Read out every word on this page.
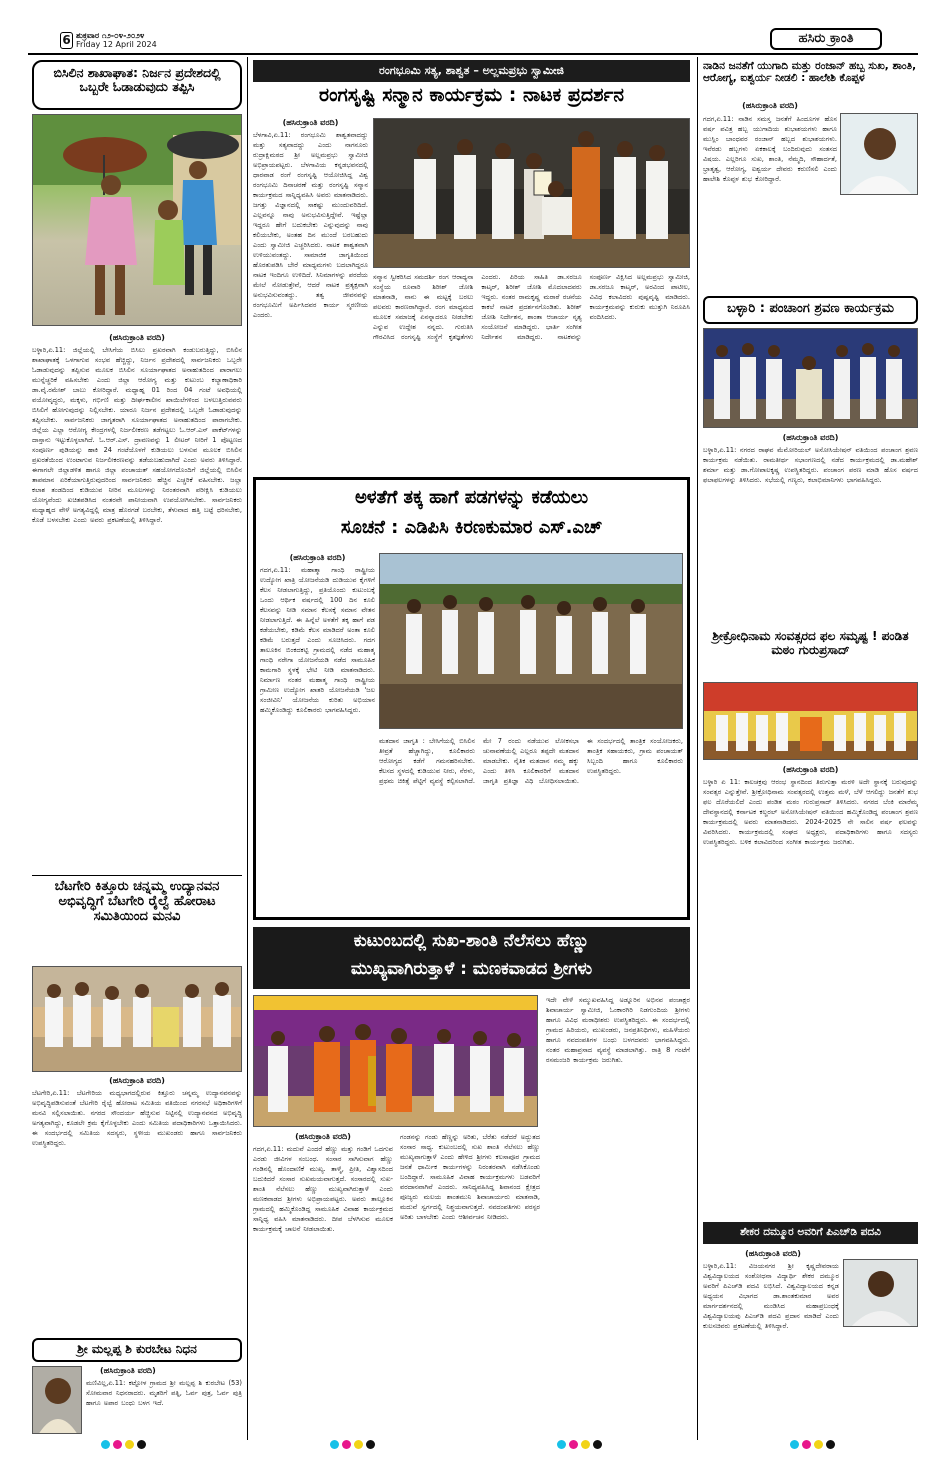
6 ಶುಕ್ರವಾರ ೧೨-೦೪-೨೦೨೪
Friday 12 April 2024	ಹಸಿರು ಕ್ರಾಂತಿ
ಬಿಸಿಲಿನ ಶಾಖಾಘಾತ: ನಿರ್ಜನ ಪ್ರದೇಶದಲ್ಲಿ ಒಬ್ಬರೇ ಓಡಾಡುವುದು ತಪ್ಪಿಸಿ
(ಹಸಿರುಕ್ರಾಂತಿ ವರದಿ)
ಬಳ್ಳಾರಿ,ಏ.11: ಜಿಲ್ಲೆಯಲ್ಲಿ ಬೇಸಿಗೆಯ ಬಿಸಿಲು ಪ್ರಖರವಾಗಿ ಕಂಡುಬರುತ್ತಿದ್ದು, ಬಿಸಿಲಿನ ಶಾಖಾಘಾತಕ್ಕೆ ಒಳಗಾಗುವ ಸಂಭವ ಹೆಚ್ಚಿದ್ದು, ನಿರ್ಜನ ಪ್ರದೇಶದಲ್ಲಿ ಸಾರ್ವಜನಿಕರು ಒಬ್ಬರೇ ಓಡಾಡುವುದನ್ನು ತಪ್ಪಿಸುವ ಮೂಲಕ ಬಿಸಿಲಿನ ಸೂರ್ಯಾಘಾತದ ಅನಾಹುತದಿಂದ ಪಾರಾಗಲು ಮುನ್ನೆಚ್ಚರಿಕೆ ವಹಿಸಬೇಕು ಎಂದು ಜಿಲ್ಲಾ ಆರೋಗ್ಯ ಮತ್ತು ಕುಟುಂಬ ಕಲ್ಯಾಣಾಧಿಕಾರಿ ಡಾ.ವೈ.ರಮೇಶ್ ಬಾಬು ಕೋರಿದ್ದಾರೆ. ಮಧ್ಯಾಹ್ನ 01 ರಿಂದ 04 ಗಂಟೆ ಅವಧಿಯಲ್ಲಿ ವಯೋವೃದ್ಧರು, ಮಕ್ಕಳು, ಗರ್ಭಿಣಿ ಮತ್ತು ದೀರ್ಘಕಾಲೀನ ಖಾಯಿಲೆಗಳಿಂದ ಬಳಲುತ್ತಿರುವವರು ಬಿಸಿಲಿಗೆ ಹೋಗುವುದನ್ನು ನಿಲ್ಲಿಸಬೇಕು. ಯಾರೂ ನಿರ್ಜನ ಪ್ರದೇಶದಲ್ಲಿ ಒಬ್ಬರೇ ಓಡಾಡುವುದನ್ನು ತಪ್ಪಿಸಬೇಕು. ಸಾರ್ವಜನಿಕರು ಜಾಗೃತರಾಗಿ ಸೂರ್ಯಾಘಾತದ ಅನಾಹುತದಿಂದ ಪಾರಾಗಬೇಕು. ಜಿಲ್ಲೆಯ ಎಲ್ಲಾ ಆರೋಗ್ಯ ಕೇಂದ್ರಗಳಲ್ಲಿ ನಿರ್ಜಲೀಕರಣ ತಡೆಗಟ್ಟಲು ಓ.ಆರ್.ಎಸ್ ಪಾಕೆಟ್‌ಗಳನ್ನು ದಾಸ್ತಾನು ಇಟ್ಟುಕೊಳ್ಳಲಾಗಿದೆ. ಓ.ಆರ್.ಎಸ್. ದ್ರಾವಣವನ್ನು 1 ಲೀಟರ್ ನೀರಿಗೆ 1 ಪೊಟ್ಟಣದ ಸಂಪೂರ್ಣ ಪುಡಿಯನ್ನು ಹಾಕಿ 24 ಗಂಟೆಯೊಳಗೆ ಕುಡಿಯಲು ಬಳಸುವ ಮೂಲಕ ಬಿಸಿಲಿನ ಪ್ರಖರತೆಯಿಂದ ಉಂಟಾಗುವ ನಿರ್ಜಲೀಕರಣವನ್ನು ತಡೆಯಬಹುದಾಗಿದೆ ಎಂದು ಅವರು ತಿಳಿಸಿದ್ದಾರೆ. ಈಗಾಗಲೇ ಜಿಲ್ಲಾಡಳಿತ ಹಾಗೂ ಜಿಲ್ಲಾ ಪಂಚಾಯತ್ ಸಹಯೋಗದೊಂದಿಗೆ ಜಿಲ್ಲೆಯಲ್ಲಿ ಬಿಸಿಲಿನ ತಾಪಮಾನ ಏರಿಕೆಯಾಗುತ್ತಿರುವುದರಿಂದ ಸಾರ್ವಜನಿಕರು ಹೆಚ್ಚಿನ ಎಚ್ಚರಿಕೆ ವಹಿಸಬೇಕು. ಜಲ್ಲಾ ಕಲಾಶ ತಂಡದಿಂದ ಕುಡಿಯುವ ನೀರಿನ ಮೂಲಗಳನ್ನು ನಿರಂತರವಾಗಿ ಪರೀಕ್ಷಿಸಿ ಕುಡಿಯಲು ಯೋಗ್ಯವೆಂದು ಖಚಿತಪಡಿಸಿದ ನಂತರವೇ ಪಾನೀಯವಾಗಿ ಉಪಯೋಗಿಸಬೇಕು. ಸಾರ್ವಜನಿಕರು ಮಧ್ಯಾಹ್ನದ ವೇಳೆ ಅಗತ್ಯವಿದ್ದಲ್ಲಿ ಮಾತ್ರ ಹೊರಗಡೆ ಬರಬೇಕು, ತೆಳುವಾದ ಹತ್ತಿ ಬಟ್ಟೆ ಧರಿಸಬೇಕು, ಕೊಡೆ ಬಳಸಬೇಕು ಎಂದು ಅವರು ಪ್ರಕಟಣೆಯಲ್ಲಿ ತಿಳಿಸಿದ್ದಾರೆ.
ಬೆಟಗೇರಿ ಕಿತ್ತೂರು ಚನ್ನಮ್ಮ ಉದ್ಯಾನವನ ಅಭಿವೃದ್ಧಿಗೆ ಬೆಟಗೇರಿ ರೈಲ್ವೆ ಹೋರಾಟ ಸಮಿತಿಯಿಂದ ಮನವಿ
(ಹಸಿರುಕ್ರಾಂತಿ ವರದಿ)
ಬೆಟಗೇರಿ,ಏ.11: ಬೆಟಗೇರಿಯ ಮಧ್ಯಭಾಗದಲ್ಲಿರುವ ಕಿತ್ತೂರು ಚನ್ನಮ್ಮ ಉದ್ಯಾನವನವನ್ನು ಅಭಿವೃದ್ಧಿಪಡಿಸುವಂತೆ ಬೆಟಗೇರಿ ರೈಲ್ವೆ ಹೋರಾಟ ಸಮಿತಿಯ ವತಿಯಿಂದ ನಗರಸಭೆ ಅಧಿಕಾರಿಗಳಿಗೆ ಮನವಿ ಸಲ್ಲಿಸಲಾಯಿತು. ನಗರದ ಸೌಂದರ್ಯ ಹೆಚ್ಚಿಸುವ ನಿಟ್ಟಿನಲ್ಲಿ ಉದ್ಯಾನವನದ ಅಭಿವೃದ್ಧಿ ಅಗತ್ಯವಾಗಿದ್ದು, ಕೂಡಲೇ ಕ್ರಮ ಕೈಗೊಳ್ಳಬೇಕು ಎಂದು ಸಮಿತಿಯ ಪದಾಧಿಕಾರಿಗಳು ಒತ್ತಾಯಿಸಿದರು. ಈ ಸಂದರ್ಭದಲ್ಲಿ ಸಮಿತಿಯ ಸದಸ್ಯರು, ಸ್ಥಳೀಯ ಮುಖಂಡರು ಹಾಗೂ ಸಾರ್ವಜನಿಕರು ಉಪಸ್ಥಿತರಿದ್ದರು.
ಶ್ರೀ ಮಲ್ಲಪ್ಪ ಶಿ ಕುರಬೇಟ ನಿಧನ
(ಹಸಿರುಕ್ರಾಂತಿ ವರದಿ)
ಮಣಿವಿಲ್ಲ,ಏ.11: ಕಟ್ಟೋಳ ಗ್ರಾಮದ ಶ್ರೀ ಮಲ್ಲಪ್ಪ ಶಿ ಕುರಬೇಟ (53) ಸೋಮವಾರ ನಿಧನರಾದರು. ಮೃತರಿಗೆ ಪತ್ನಿ, ಓರ್ವ ಪುತ್ರ, ಓರ್ವ ಪುತ್ರಿ ಹಾಗೂ ಅಪಾರ ಬಂಧು ಬಳಗ ಇದೆ.
ರಂಗಭೂಮಿ ಸತ್ಯ, ಶಾಶ್ವತ – ಅಲ್ಲಮಪ್ರಭು ಸ್ವಾಮೀಜಿ
ರಂಗಸೃಷ್ಟಿ ಸನ್ಮಾನ ಕಾರ್ಯಕ್ರಮ : ನಾಟಕ ಪ್ರದರ್ಶನ
(ಹಸಿರುಕ್ರಾಂತಿ ವರದಿ)
ಬೆಳಗಾವಿ,ಏ.11: ರಂಗಭೂಮಿ ಶಾಶ್ವತವಾದದ್ದು ಮತ್ತು ಸತ್ಯವಾದದ್ದು ಎಂದು ನಾಗನೂರು ರುದ್ರಾಕ್ಷಿಮಠದ ಶ್ರೀ ಅಲ್ಲಮಪ್ರಭು ಸ್ವಾಮೀಜಿ ಅಭಿಪ್ರಾಯಪಟ್ಟರು. ಬೆಳಗಾವಿಯ ಕನ್ನಡಭವನದಲ್ಲಿ ಧಾರವಾಡ ರಂಗೆ ರಂಗಸೃಷ್ಟಿ ಆಯೋಜಿಸಿದ್ದ ವಿಶ್ವ ರಂಗಭೂಮಿ ದಿನಾಚರಣೆ ಮತ್ತು ರಂಗಸೃಷ್ಟಿ ಸನ್ಮಾನ ಕಾರ್ಯಕ್ರಮದ ಸಾನ್ನಿಧ್ಯವಹಿಸಿ ಅವರು ಮಾತನಾಡಿದರು. ಜಗತ್ತು ವಿಜ್ಞಾನದಲ್ಲಿ ಸಾಕಷ್ಟು ಮುಂದುವರಿದಿದೆ. ಎಲ್ಲವನ್ನೂ ನಾವು ಅನುಭವಿಸುತ್ತಿದ್ದೇವೆ. ಇಷ್ಟೆಲ್ಲಾ ಇದ್ದರೂ ಹೇಗೆ ಬದುಕಬೇಕು ಎನ್ನುವುದನ್ನು ನಾವು ಕಲಿಯಬೇಕು, ಅಂತಹ ದಿನ ಮುಂದೆ ಬರಬಹುದು ಎಂದು ಸ್ವಾಮೀಜಿ ಎಚ್ಚರಿಸಿದರು. ನಾಟಕ ಶಾಶ್ವತವಾಗಿ ಉಳಿಯುವಂತದ್ದು. ಸಾಮಾಜಿಕ ಜಾಗೃತಿಯಿಂದ ಹೊರತುಪಡಿಸಿ ಬೇರೆ ಮಾಧ್ಯಮಗಳು ಬದಲಾಗಿದ್ದರೂ ನಾಟಕ ಇಂದಿಗೂ ಉಳಿದಿದೆ. ಸಿನಿಮಾಗಳನ್ನು ಪರದೆಯ ಮೇಲೆ ನೋಡುತ್ತೇವೆ, ಆದರೆ ನಾಟಕ ಪ್ರತ್ಯಕ್ಷವಾಗಿ ಅನುಭವಿಸುವಂತದ್ದು. ತತ್ವ ಜೀವನವನ್ನು ರಂಗಭೂಮಿಗೆ ಅರ್ಪಿಸಿದವರ ಕಾರ್ಯ ಸ್ಮರಣೀಯ ಎಂದರು.
ಸನ್ಮಾನ ಸ್ವೀಕರಿಸಿದ ಸಮದರ್ಶಿ ರಂಗ ಆರಾಧ್ಯನಾ ಸಂಸ್ಥೆಯ ರೂವಾರಿ ಶಿರೀಶ್ ಜೋಶಿ ಮಾತನಾಡಿ, ನಾನು ಈ ಮಟ್ಟಕ್ಕೆ ಬರಲು ಪಲವರು ಕಾರಣರಾಗಿದ್ದಾರೆ. ರಂಗ ಮಾಧ್ಯಮದ ಮೂಲಕ ಸಮಾಜಕ್ಕೆ ಏನನ್ನಾದರೂ ನೀಡಬೇಕು ಎನ್ನುವ ಉದ್ದೇಶ ನನ್ನದು. ಗುರುತಿಸಿ ಗೌರವಿಸಿದ ರಂಗಸೃಷ್ಟಿ ಸಂಸ್ಥೆಗೆ ಕೃತಜ್ಞತೆಗಳು ಎಂದರು. ಪಿರಿಯ ಸಾಹಿತಿ ಡಾ.ಸರಜೂ ಕಾಟ್ಕರ್, ಶಿರೀಶ್ ಜೋಶಿ ಮೊದಲಾದವರು ಇದ್ದರು. ನಂತರ ರಾಮಕೃಷ್ಣ ಮರಾಠೆ ರಚನೆಯ ಕಾಕಲೆ ನಾಟಕ ಪ್ರದರ್ಶನಗೊಂಡಿತು. ಶಿರೀಶ್ ಜೋಶಿ ನಿರ್ದೇಶನ, ಶಾಂತಾ ಆಚಾರ್ಯ ನೃತ್ಯ ಸಂಯೋಜನೆ ಮಾಡಿದ್ದರು. ಭಾರ್ತಿ ಸಂಗೀತ ನಿರ್ದೇಶನ ಮಾಡಿದ್ದರು. ನಾಟಕವನ್ನು ಸಂಪೂರ್ಣ ವಿಕ್ಷಿಸಿದ ಅಲ್ಲಮಪ್ರಭು ಸ್ವಾಮೀಜಿ, ಡಾ.ಸರಜೂ ಕಾಟ್ಕರ್, ಅರವಿಂದ ಪಾಟೀಲ, ವಿವಿಧ ಕಲಾವಿದರು ಪುಷ್ಪವೃಷ್ಟಿ ಮಾಡಿದರು. ಕಾರ್ಯಕ್ರಮವನ್ನು ಕುರುಕು ಮುತ್ತುಗಿ ನಿರೂಪಿಸಿ ವಂದಿಸಿದರು.
ಅಳತೆಗೆ ತಕ್ಕ ಹಾಗೆ ಪಡಗಳನ್ನು ಕಡೆಯಲು
ಸೂಚನೆ : ಎಡಿಪಿಸಿ ಕಿರಣಕುಮಾರ ಎಸ್.ಎಚ್
(ಹಸಿರುಕ್ರಾಂತಿ ವರದಿ)
ಗದಗ,ಏ.11: ಮಹಾತ್ಮಾ ಗಾಂಧಿ ರಾಷ್ಟ್ರೀಯ ಉದ್ಯೋಗ ಖಾತ್ರಿ ಯೋಜನೆಯಡಿ ದುಡಿಯುವ ಕೈಗಳಿಗೆ ಕೆಲಸ ನೀಡಲಾಗುತ್ತಿದ್ದು, ಪ್ರತಿಯೊಂದು ಕುಟುಂಬಕ್ಕೆ ಒಂದು ಆರ್ಥಿಕ ವರ್ಷದಲ್ಲಿ 100 ದಿನ ಕೂಲಿ ಕೆಲಸವನ್ನು ನೀಡಿ ಸಮಾನ ಕೆಲಸಕ್ಕೆ ಸಮಾನ ವೇತನ ನೀಡಲಾಗುತ್ತಿದೆ. ಈ ಹಿನ್ನೆಲೆ ಅಳತೆಗೆ ತಕ್ಕ ಹಾಗೆ ಪಡ ಕಡೆಯಬೇಕು, ಕಡಿಮೆ ಕೆಲಸ ಮಾಡಿದರೆ ಅಂತಾ ಕೂಲಿ ಕಡಿಮೆ ಬರುತ್ತದೆ ಎಂದು ಸೂಚಿಸಿದರು. ಗದಗ ತಾಲೂಕಿನ ಬಿಂಕದಕಟ್ಟಿ ಗ್ರಾಮದಲ್ಲಿ ನಡೆದ ಮಹಾತ್ಮ ಗಾಂಧಿ ನರೇಗಾ ಯೋಜನೆಯಡಿ ನಡೆದ ಸಾಮೂಹಿಕ ಕಾಮಗಾರಿ ಸ್ಥಳಕ್ಕೆ ಭೇಟಿ ನೀಡಿ ಮಾತನಾಡಿದರು. ನಿರ್ಮಾಣ ನಂತರ ಮಹಾತ್ಮ ಗಾಂಧಿ ರಾಷ್ಟ್ರೀಯ ಗ್ರಾಮೀಣ ಉದ್ಯೋಗ ಖಾತರಿ ಯೋಜನೆಯಡಿ 'ಜಲ ಸಂಜೀವಿನಿ' ಯೋಜನೆಯ ಕುರಿತು ಅಭಿಯಾನ ಹಮ್ಮಿಕೊಂಡಿದ್ದು ಕೂಲಿಕಾರರು ಭಾಗವಹಿಸಿದ್ದರು.
ಮತದಾನ ಜಾಗೃತಿ : ಬೇಸಿಗೆಯಲ್ಲಿ ಬಿಸಿಲಿನ ತೀವ್ರತೆ ಹೆಚ್ಚಾಗಿದ್ದು, ಕೂಲಿಕಾರರು ಆರೋಗ್ಯದ ಕಡೆಗೆ ಗಮನಹರಿಸಬೇಕು. ಕೆಲಸದ ಸ್ಥಳದಲ್ಲಿ ಕುಡಿಯುವ ನೀರು, ನೆರಳು, ಪ್ರಥಮ ಚಿಕಿತ್ಸೆ ಪೆಟ್ಟಿಗೆ ವ್ಯವಸ್ಥೆ ಕಲ್ಪಿಸಲಾಗಿದೆ. ಮೇ 7 ರಂದು ನಡೆಯುವ ಲೋಕಸಭಾ ಚುನಾವಣೆಯಲ್ಲಿ ಎಲ್ಲರೂ ತಪ್ಪದೇ ಮತದಾನ ಮಾಡಬೇಕು. ನೈತಿಕ ಮತದಾನ ನಮ್ಮ ಹಕ್ಕು ಎಂದು ತಿಳಿಸಿ ಕೂಲಿಕಾರರಿಗೆ ಮತದಾನ ಜಾಗೃತಿ ಪ್ರತಿಜ್ಞಾ ವಿಧಿ ಬೋಧಿಸಲಾಯಿತು. ಈ ಸಂದರ್ಭದಲ್ಲಿ ತಾಂತ್ರಿಕ ಸಂಯೋಜಕರು, ತಾಂತ್ರಿಕ ಸಹಾಯಕರು, ಗ್ರಾಮ ಪಂಚಾಯತ್ ಸಿಬ್ಬಂದಿ ಹಾಗೂ ಕೂಲಿಕಾರರು ಉಪಸ್ಥಿತರಿದ್ದರು.
ಕುಟುಂಬದಲ್ಲಿ ಸುಖ-ಶಾಂತಿ ನೆಲೆಸಲು ಹೆಣ್ಣು
ಮುಖ್ಯವಾಗಿರುತ್ತಾಳೆ : ಮಣಕವಾಡದ ಶ್ರೀಗಳು
(ಹಸಿರುಕ್ರಾಂತಿ ವರದಿ)
ಗದಗ,ಏ.11: ಮದುವೆ ಎಂದರೆ ಹೆಣ್ಣು ಮತ್ತು ಗಂಡಿಗೆ ಒದಗುವ ಎರಡು ಜೀವಿಗಳ ಸಂಬಂಧ. ಸಂಸಾರ ಸಾಗಿಸುವಾಗ ಹೆಣ್ಣು ಗಂಡಿನಲ್ಲಿ ಹೊಂದಾಣಿಕೆ ಮುಖ್ಯ. ತಾಳ್ಮೆ, ಪ್ರೀತಿ, ವಿಶ್ವಾಸದಿಂದ ಬದುಕಿದರೆ ಸಂಸಾರ ಸುಖಮಯವಾಗುತ್ತದೆ. ಸಂಸಾರದಲ್ಲಿ ಸುಖ-ಶಾಂತಿ ನೆಲೆಸಲು ಹೆಣ್ಣು ಮುಖ್ಯವಾಗಿರುತ್ತಾಳೆ ಎಂದು ಮಣಕವಾಡದ ಶ್ರೀಗಳು ಅಭಿಪ್ರಾಯಪಟ್ಟರು. ಅವರು ತಾಲ್ಲೂಕಿನ ಗ್ರಾಮದಲ್ಲಿ ಹಮ್ಮಿಕೊಂಡಿದ್ದ ಸಾಮೂಹಿಕ ವಿವಾಹ ಕಾರ್ಯಕ್ರಮದ ಸಾನ್ನಿಧ್ಯ ವಹಿಸಿ ಮಾತನಾಡಿದರು. ದೀಪ ಬೆಳಗಿಸುವ ಮೂಲಕ ಕಾರ್ಯಕ್ರಮಕ್ಕೆ ಚಾಲನೆ ನೀಡಲಾಯಿತು.
ಗಂಡನನ್ನು ಗಂಡು ಹೆಣ್ಣನ್ನು ಅರಿತು, ಬೆರೆತು ನಡೆದರೆ ಅದ್ಭುತದ ಸಂಸಾರ ಸಾಧ್ಯ. ಕುಟುಂಬದಲ್ಲಿ ಸುಖ ಶಾಂತಿ ನೆಲೆಸಲು ಹೆಣ್ಣು ಮುಖ್ಯವಾಗುತ್ತಾಳೆ ಎಂದು ಹೇಳಿದ ಶ್ರೀಗಳು ಕಲಸಾಪೂರ ಗ್ರಾಮದ ಜನತೆ ಧಾರ್ಮಿಕ ಕಾರ್ಯಗಳನ್ನು ನಿರಂತರವಾಗಿ ನಡೆಸಿಕೊಂಡು ಬಂದಿದ್ದಾರೆ. ಸಾಮೂಹಿಕ ವಿವಾಹ ಕಾರ್ಯಕ್ರಮಗಳು ಬಡವರಿಗೆ ವರದಾನವಾಗಿವೆ ಎಂದರು. ಸಾನಿಧ್ಯವಹಿಸಿದ್ದ ಶಿವಾನಂದ ಕ್ಷೇತ್ರದ ಪೂಜ್ಯರು ಮಲಯ ಶಾಂತಮುನಿ ಶಿವಾಚಾರ್ಯರು ಮಾತನಾಡಿ, ಮದುವೆ ಸ್ವರ್ಗದಲ್ಲಿ ನಿಶ್ಚಯವಾಗುತ್ತದೆ. ನವದಂಪತಿಗಳು ಪರಸ್ಪರ ಅರಿತು ಬಾಳಬೇಕು ಎಂದು ಆಶೀರ್ವಚನ ನೀಡಿದರು.
ಇದೇ ವೇಳೆ ಸಮ್ಮುಖವಹಿಸಿದ್ದ ಅಡ್ನೂರಿನ ಅಭಿನವ ಪಂಚಾಕ್ಷರ ಶಿವಾಚಾರ್ಯ ಸ್ವಾಮೀಜಿ, ಓಂಕಾರಗಿರಿ ನಿಡಗುಂದಿಯ ಶ್ರೀಗಳು ಹಾಗೂ ವಿವಿಧ ಮಠಾಧೀಶರು ಉಪಸ್ಥಿತರಿದ್ದರು. ಈ ಸಂದರ್ಭದಲ್ಲಿ ಗ್ರಾಮದ ಹಿರಿಯರು, ಮುಖಂಡರು, ಜನಪ್ರತಿನಿಧಿಗಳು, ಮಹಿಳೆಯರು ಹಾಗೂ ನವದಂಪತಿಗಳ ಬಂಧು ಬಳಗದವರು ಭಾಗವಹಿಸಿದ್ದರು. ನಂತರ ಮಹಾಪ್ರಸಾದ ವ್ಯವಸ್ಥೆ ಮಾಡಲಾಗಿತ್ತು. ರಾತ್ರಿ 8 ಗಂಟೆಗೆ ರಸಮಂಜರಿ ಕಾರ್ಯಕ್ರಮ ಜರುಗಿತು.
ನಾಡಿನ ಜನತೆಗೆ ಯುಗಾದಿ ಮತ್ತು ರಂಜಾನ್ ಹಬ್ಬ ಸುಖ, ಶಾಂತಿ, ಆರೋಗ್ಯ, ಐಶ್ವರ್ಯ ನೀಡಲಿ : ಹಾಲೇಶಿ ಕೊಪ್ಪಳ
(ಹಸಿರುಕ್ರಾಂತಿ ವರದಿ)
ಗದಗ,ಏ.11: ನಾಡಿನ ಸಮಸ್ತ ಜನತೆಗೆ ಹಿಂದೂಗಳ ಹೊಸ ವರ್ಷ ಪವಿತ್ರ ಹಬ್ಬ ಯುಗಾದಿಯ ಶುಭಾಶಯಗಳು ಹಾಗೂ ಮುಸ್ಲಿಂ ಬಾಂಧವರ ರಂಜಾನ್ ಹಬ್ಬದ ಶುಭಾಶಯಗಳು. ಇವೆರಡು ಹಬ್ಬಗಳು ಏಕಕಾಲಕ್ಕೆ ಬಂದಿರುವುದು ಸಂತಸದ ವಿಷಯ. ಎಲ್ಲರಿಗೂ ಸುಖ, ಶಾಂತಿ, ನೆಮ್ಮದಿ, ಸೌಹಾರ್ದತೆ, ಭ್ರಾತೃತ್ವ, ಆರೋಗ್ಯ, ಐಶ್ವರ್ಯ ದೇವರು ಕರುಣಿಸಲಿ ಎಂದು ಹಾಲೇಶಿ ಕೊಪ್ಪಳ ಶುಭ ಕೋರಿದ್ದಾರೆ.
ಬಳ್ಳಾರಿ : ಪಂಚಾಂಗ ಶ್ರವಣ ಕಾರ್ಯಕ್ರಮ
(ಹಸಿರುಕ್ರಾಂತಿ ವರದಿ)
ಬಳ್ಳಾರಿ,ಏ.11: ನಗರದ ರಾಘವ ಮೆಮೋರಿಯಲ್ ಅಸೋಸಿಯೇಷನ್ ವತಿಯಿಂದ ಪಂಚಾಂಗ ಶ್ರವಣ ಕಾರ್ಯಕ್ರಮ ನಡೆಯಿತು. ರಾಮತೀರ್ಥ ಸಭಾಂಗಣದಲ್ಲಿ ನಡೆದ ಕಾರ್ಯಕ್ರಮದಲ್ಲಿ ಡಾ.ಮಹೇಶ್ ಶರ್ಮಾ ಮತ್ತು ಡಾ.ಗೋಪಾಲಕೃಷ್ಣ ಉಪಸ್ಥಿತರಿದ್ದರು. ಪಂಚಾಂಗ ಪಠಣ ಮಾಡಿ ಹೊಸ ವರ್ಷದ ಫಲಾಫಲಗಳನ್ನು ತಿಳಿಸಿದರು. ಸಭೆಯಲ್ಲಿ ಗಣ್ಯರು, ಕಲಾಭಿಮಾನಿಗಳು ಭಾಗವಹಿಸಿದ್ದರು.
ಶ್ರೀಕ್ರೋಧಿನಾಮ ಸಂವತ್ಸರದ ಫಲ ಸಮೃಷ್ಟ ! ಪಂಡಿತ ಮಠಂ ಗುರುಪ್ರಸಾದ್
(ಹಸಿರುಕ್ರಾಂತಿ ವರದಿ)
ಬಳ್ಳಾರಿ ಏ 11: ಕಾಲಚಕ್ರವು ಆರಂಭ ಸ್ಥಾನದಿಂದ ತಿರುಗುತ್ತಾ ಮರಳಿ ಅದೇ ಸ್ಥಾನಕ್ಕೆ ಬರುವುದನ್ನು ಸಂವತ್ಸರ ಎನ್ನುತ್ತೇವೆ. ಶ್ರೀಕ್ರೋಧಿನಾಮ ಸಂವತ್ಸರದಲ್ಲಿ ಉತ್ತಮ ಮಳೆ, ಬೆಳೆ ಆಗಲಿದ್ದು ಜನತೆಗೆ ಶುಭ ಫಲ ದೊರೆಯಲಿದೆ ಎಂದು ಪಂಡಿತ ಮಠಂ ಗುರುಪ್ರಸಾದ್ ತಿಳಿಸಿದರು. ನಗರದ ಬೆಂಕಿ ಮಾರೆಮ್ಮ ದೇವಸ್ಥಾನದಲ್ಲಿ ಕರ್ನಾಟಕ ಕಲ್ಚರಲ್ ಅಸೋಸಿಯೇಷನ್ ವತಿಯಿಂದ ಹಮ್ಮಿಕೊಂಡಿದ್ದ ಪಂಚಾಂಗ ಶ್ರವಣ ಕಾರ್ಯಕ್ರಮದಲ್ಲಿ ಅವರು ಮಾತನಾಡಿದರು. 2024-2025 ನೇ ಸಾಲಿನ ವರ್ಷ ಫಲವನ್ನು ವಿವರಿಸಿದರು. ಕಾರ್ಯಕ್ರಮದಲ್ಲಿ ಸಂಘದ ಅಧ್ಯಕ್ಷರು, ಪದಾಧಿಕಾರಿಗಳು ಹಾಗೂ ಸದಸ್ಯರು ಉಪಸ್ಥಿತರಿದ್ದರು. ಬಳಿಕ ಕಲಾವಿದರಿಂದ ಸಂಗೀತ ಕಾರ್ಯಕ್ರಮ ಜರುಗಿತು.
ಶೇಕರ ದಮ್ಮೂರ ಅವರಿಗೆ ಪಿಎಚ್‌ಡಿ ಪದವಿ
(ಹಸಿರುಕ್ರಾಂತಿ ವರದಿ)
ಬಳ್ಳಾರಿ,ಏ.11: ವಿಜಯನಗರ ಶ್ರೀ ಕೃಷ್ಣದೇವರಾಯ ವಿಶ್ವವಿದ್ಯಾಲಯದ ಸಂಶೋಧನಾ ವಿದ್ಯಾರ್ಥಿ ಶೇಕರ ದಮ್ಮೂರ ಅವರಿಗೆ ಪಿಎಚ್‌ಡಿ ಪದವಿ ಲಭಿಸಿದೆ. ವಿಶ್ವವಿದ್ಯಾಲಯದ ಕನ್ನಡ ಅಧ್ಯಯನ ವಿಭಾಗದ ಡಾ.ಶಾಂತಕುಮಾರ ಅವರ ಮಾರ್ಗದರ್ಶನದಲ್ಲಿ ಮಂಡಿಸಿದ ಮಹಾಪ್ರಬಂಧಕ್ಕೆ ವಿಶ್ವವಿದ್ಯಾಲಯವು ಪಿಎಚ್‌ಡಿ ಪದವಿ ಪ್ರದಾನ ಮಾಡಿದೆ ಎಂದು ಕುಲಸಚಿವರು ಪ್ರಕಟಣೆಯಲ್ಲಿ ತಿಳಿಸಿದ್ದಾರೆ.
